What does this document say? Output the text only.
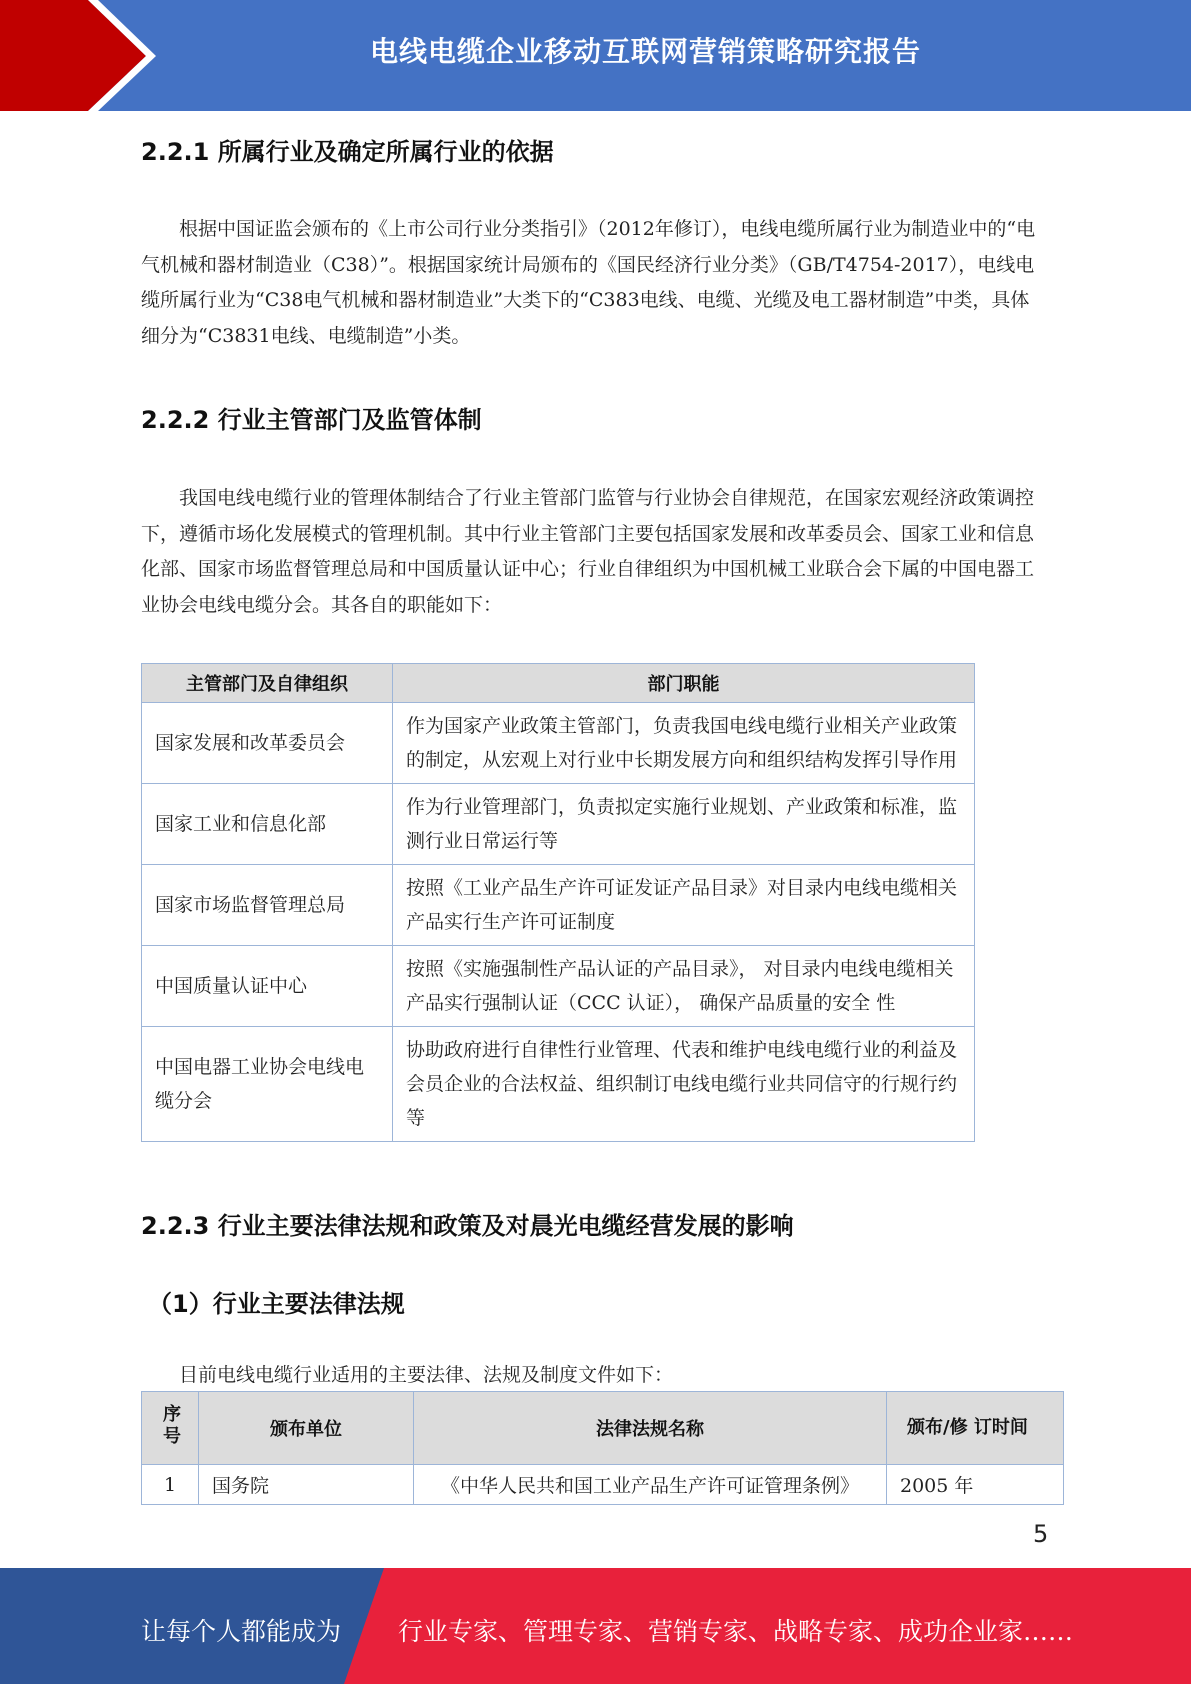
电线电缆企业移动互联网营销策略研究报告
2.2.1 所属行业及确定所属行业的依据

根据中国证监会颁布的《上市公司行业分类指引》（2012年修订），电线电缆所属行业为制造业中的“电气机械和器材制造业（C38）”。根据国家统计局颁布的《国民经济行业分类》（GB/T4754-2017），电线电缆所属行业为“C38电气机械和器材制造业”大类下的“C383电线、电缆、光缆及电工器材制造”中类，具体细分为“C3831电线、电缆制造”小类。

2.2.2 行业主管部门及监管体制

我国电线电缆行业的管理体制结合了行业主管部门监管与行业协会自律规范，在国家宏观经济政策调控下，遵循市场化发展模式的管理机制。其中行业主管部门主要包括国家发展和改革委员会、国家工业和信息化部、国家市场监督管理总局和中国质量认证中心；行业自律组织为中国机械工业联合会下属的中国电器工业协会电线电缆分会。其各自的职能如下：

主管部门及自律组织	部门职能
国家发展和改革委员会	作为国家产业政策主管部门，负责我国电线电缆行业相关产业政策的制定，从宏观上对行业中长期发展方向和组织结构发挥引导作用
国家工业和信息化部	作为行业管理部门，负责拟定实施行业规划、产业政策和标准，监测行业日常运行等
国家市场监督管理总局	按照《工业产品生产许可证发证产品目录》对目录内电线电缆相关产品实行生产许可证制度
中国质量认证中心	按照《实施强制性产品认证的产品目录》， 对目录内电线电缆相关产品实行强制认证（CCC 认证）， 确保产品质量的安全 性
中国电器工业协会电线电缆分会	协助政府进行自律性行业管理、代表和维护电线电缆行业的利益及会员企业的合法权益、组织制订电线电缆行业共同信守的行规行约等
2.2.3 行业主要法律法规和政策及对晨光电缆经营发展的影响
（1）行业主要法律法规

目前电线电缆行业适用的主要法律、法规及制度文件如下：

序号	颁布单位	法律法规名称	颁布/修 订时间
1	国务院	《中华人民共和国工业产品生产许可证管理条例》	2005 年
5
让每个人都能成为 行业专家、管理专家、营销专家、战略专家、成功企业家……
